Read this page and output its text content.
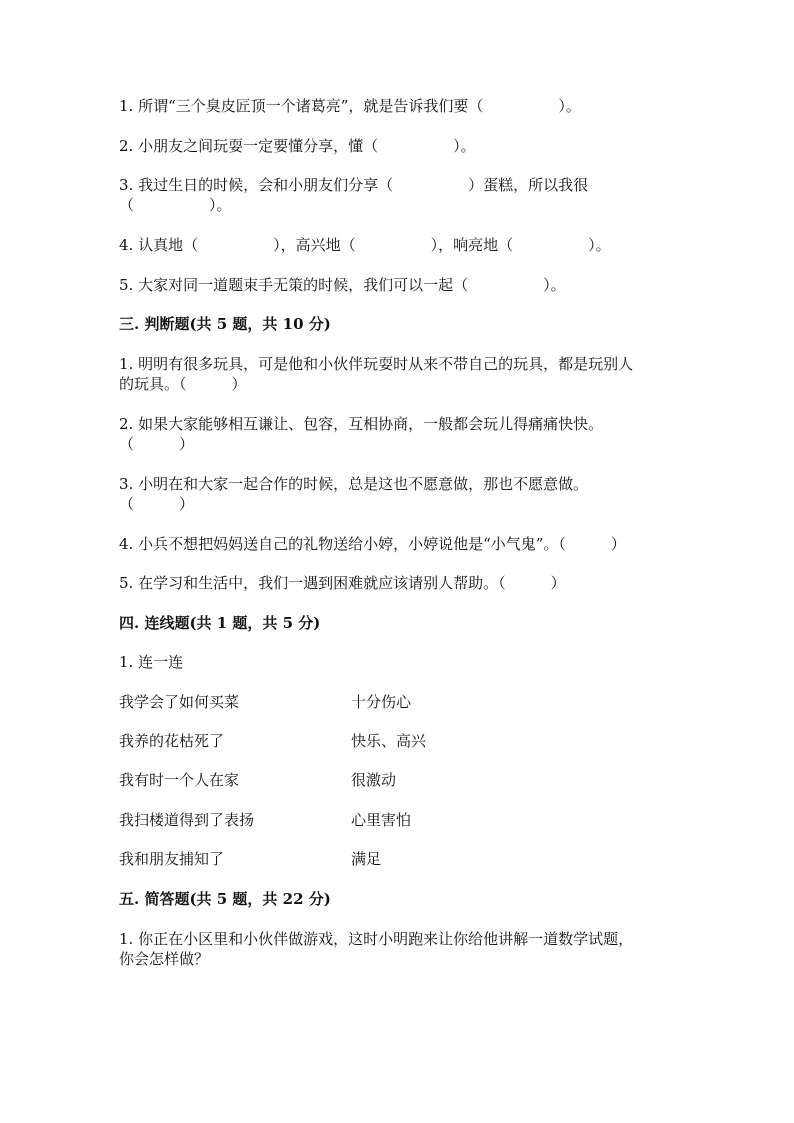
1. 所谓“三个臭皮匠顶一个诸葛亮”，就是告诉我们要（　　　　　）。

2. 小朋友之间玩耍一定要懂分享，懂（　　　　　）。

3. 我过生日的时候，会和小朋友们分享（　　　　　）蛋糕，所以我很

（　　　　　）。

4. 认真地（　　　　　），高兴地（　　　　　），响亮地（　　　　　）。

5. 大家对同一道题束手无策的时候，我们可以一起（　　　　　）。

三. 判断题(共 5 题，共 10 分)

1. 明明有很多玩具，可是他和小伙伴玩耍时从来不带自己的玩具，都是玩别人

的玩具。（　　　）

2. 如果大家能够相互谦让、包容，互相协商，一般都会玩儿得痛痛快快。

（　　　）

3. 小明在和大家一起合作的时候，总是这也不愿意做，那也不愿意做。

（　　　）

4. 小兵不想把妈妈送自己的礼物送给小婷，小婷说他是“小气鬼”。（　　　）

5. 在学习和生活中，我们一遇到困难就应该请别人帮助。（　　　）

四. 连线题(共 1 题，共 5 分)

1. 连一连

我学会了如何买菜	十分伤心
我养的花枯死了	快乐、高兴
我有时一个人在家	很激动
我扫楼道得到了表扬	心里害怕
我和朋友捕知了	满足
五. 简答题(共 5 题，共 22 分)

1. 你正在小区里和小伙伴做游戏，这时小明跑来让你给他讲解一道数学试题，

你会怎样做？
